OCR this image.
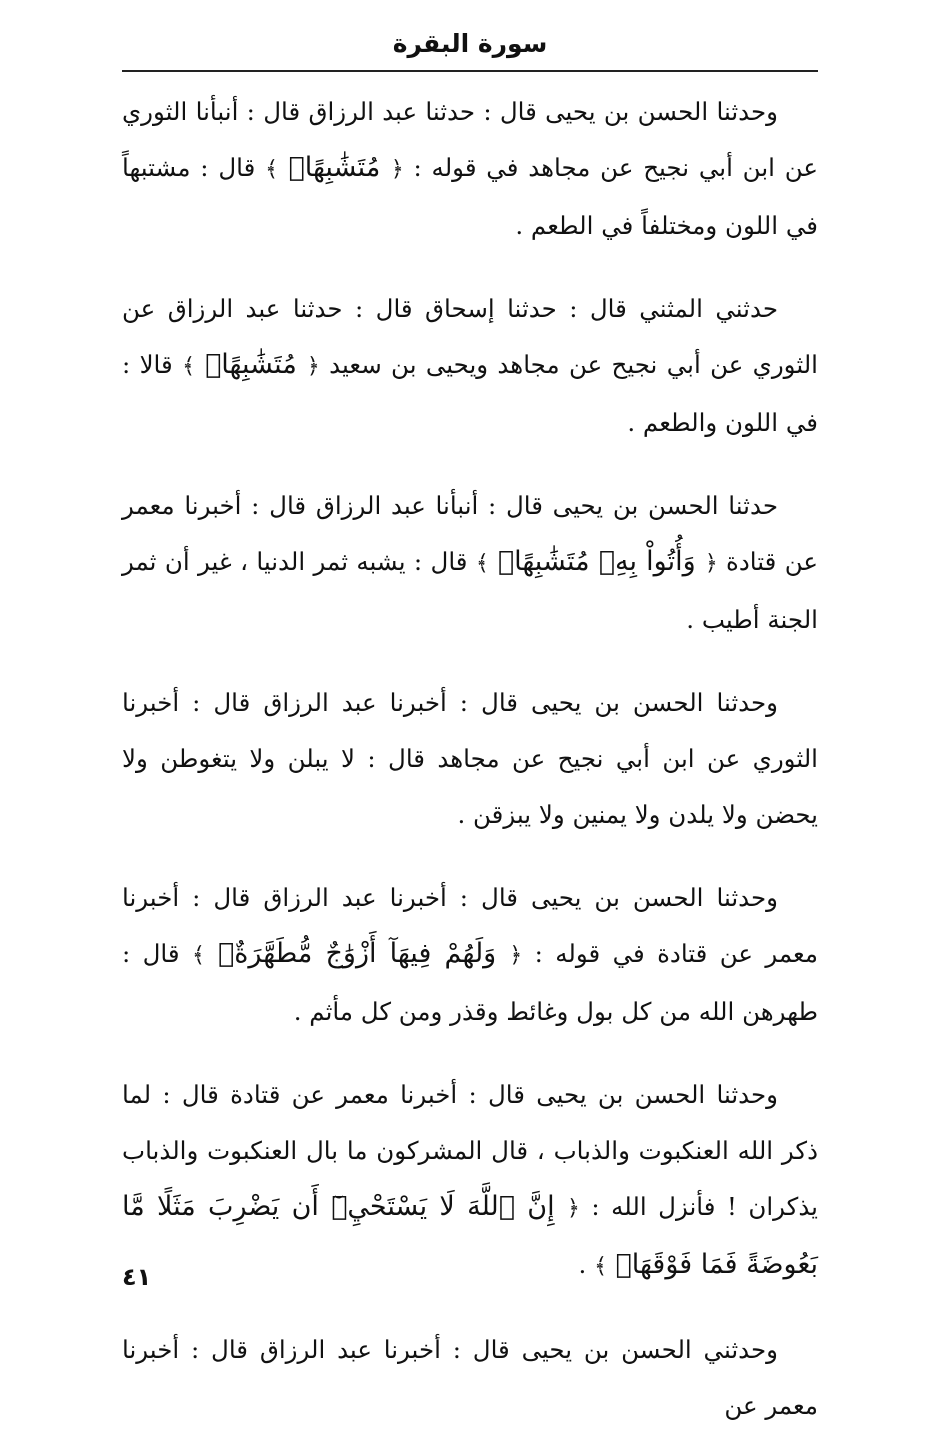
سورة البقرة

وحدثنا الحسن بن يحيى قال : حدثنا عبد الرزاق قال : أنبأنا الثوري عن ابن أبي نجيح عن مجاهد في قوله : ﴿ مُتَشَٰبِهًاۖ ﴾ قال : مشتبهاً في اللون ومختلفاً في الطعم .

حدثني المثني قال : حدثنا إسحاق قال : حدثنا عبد الرزاق عن الثوري عن أبي نجيح عن مجاهد ويحيى بن سعيد ﴿ مُتَشَٰبِهًاۖ ﴾ قالا : في اللون والطعم .

حدثنا الحسن بن يحيى قال : أنبأنا عبد الرزاق قال : أخبرنا معمر عن قتادة ﴿ وَأُتُواْ بِهِۦ مُتَشَٰبِهًاۖ ﴾ قال : يشبه ثمر الدنيا ، غير أن ثمر الجنة أطيب .

وحدثنا الحسن بن يحيى قال : أخبرنا عبد الرزاق قال : أخبرنا الثوري عن ابن أبي نجيح عن مجاهد قال : لا يبلن ولا يتغوطن ولا يحضن ولا يلدن ولا يمنين ولا يبزقن .

وحدثنا الحسن بن يحيى قال : أخبرنا عبد الرزاق قال : أخبرنا معمر عن قتادة في قوله : ﴿ وَلَهُمْ فِيهَآ أَزْوَٰجٌ مُّطَهَّرَةٌۖ ﴾ قال : طهرهن الله من كل بول وغائط وقذر ومن كل مأثم .

وحدثنا الحسن بن يحيى قال : أخبرنا معمر عن قتادة قال : لما ذكر الله العنكبوت والذباب ، قال المشركون ما بال العنكبوت والذباب يذكران ! فأنزل الله : ﴿ إِنَّ ٱللَّهَ لَا يَسْتَحْيِۦٓ أَن يَضْرِبَ مَثَلًا مَّا بَعُوضَةً فَمَا فَوْقَهَاۚ ﴾ .

وحدثني الحسن بن يحيى قال : أخبرنا عبد الرزاق قال : أخبرنا معمر عن

٤١
